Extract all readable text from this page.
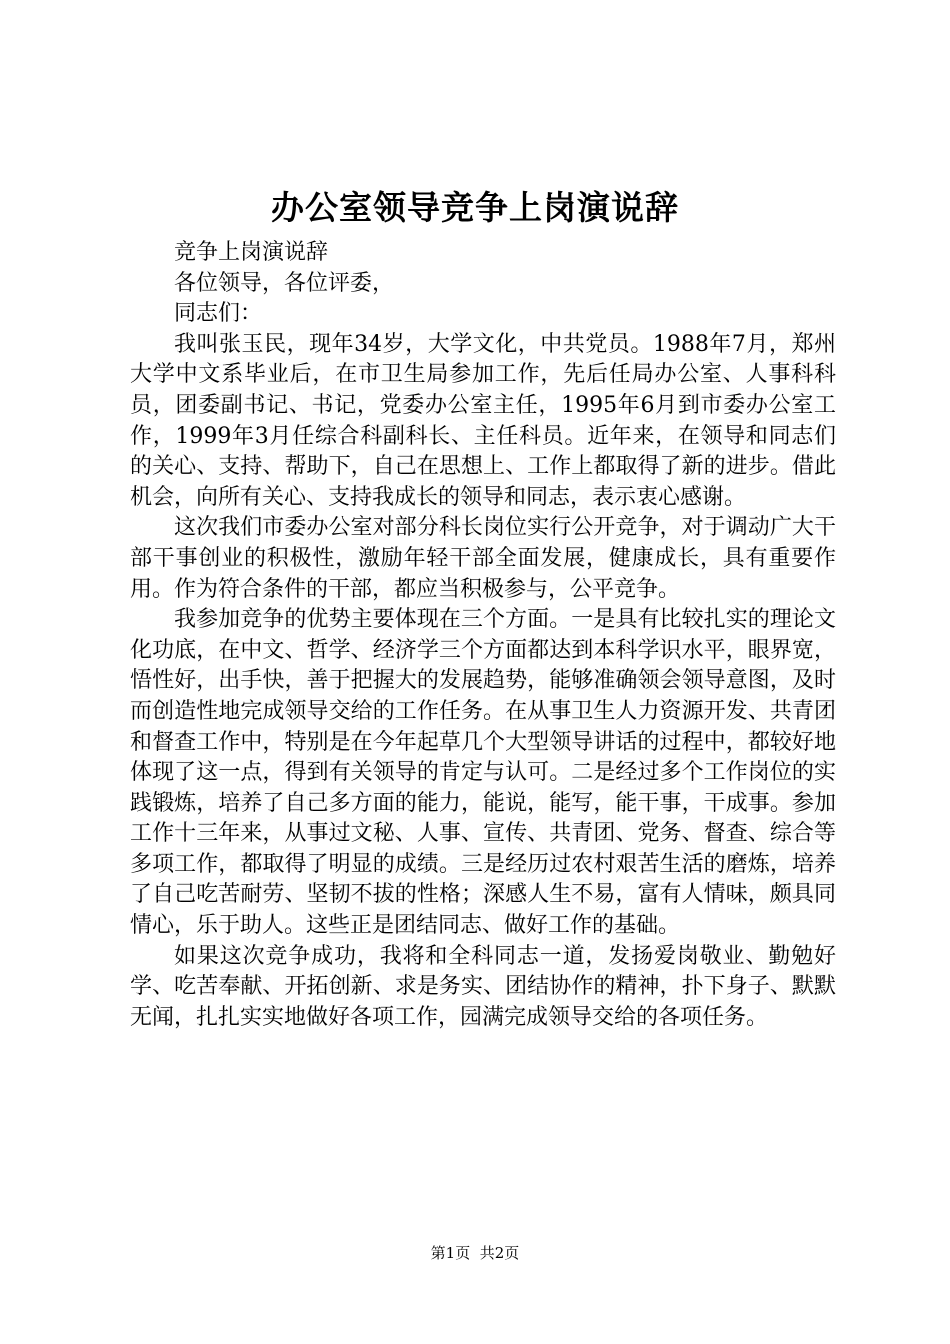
办公室领导竞争上岗演说辞

竞争上岗演说辞

各位领导，各位评委，

同志们：

我叫张玉民，现年34岁，大学文化，中共党员。1988年7月，郑州大学中文系毕业后，在市卫生局参加工作，先后任局办公室、人事科科员，团委副书记、书记，党委办公室主任，1995年6月到市委办公室工作，1999年3月任综合科副科长、主任科员。近年来，在领导和同志们的关心、支持、帮助下，自己在思想上、工作上都取得了新的进步。借此机会，向所有关心、支持我成长的领导和同志，表示衷心感谢。

这次我们市委办公室对部分科长岗位实行公开竞争，对于调动广大干部干事创业的积极性，激励年轻干部全面发展，健康成长，具有重要作用。作为符合条件的干部，都应当积极参与，公平竞争。

我参加竞争的优势主要体现在三个方面。一是具有比较扎实的理论文化功底，在中文、哲学、经济学三个方面都达到本科学识水平，眼界宽，悟性好，出手快，善于把握大的发展趋势，能够准确领会领导意图，及时而创造性地完成领导交给的工作任务。在从事卫生人力资源开发、共青团和督查工作中，特别是在今年起草几个大型领导讲话的过程中，都较好地体现了这一点，得到有关领导的肯定与认可。二是经过多个工作岗位的实践锻炼，培养了自己多方面的能力，能说，能写，能干事，干成事。参加工作十三年来，从事过文秘、人事、宣传、共青团、党务、督查、综合等多项工作，都取得了明显的成绩。三是经历过农村艰苦生活的磨炼，培养了自己吃苦耐劳、坚韧不拔的性格；深感人生不易，富有人情味，颇具同情心，乐于助人。这些正是团结同志、做好工作的基础。

如果这次竞争成功，我将和全科同志一道，发扬爱岗敬业、勤勉好学、吃苦奉献、开拓创新、求是务实、团结协作的精神，扑下身子、默默无闻，扎扎实实地做好各项工作，园满完成领导交给的各项任务。

第1页 共2页
